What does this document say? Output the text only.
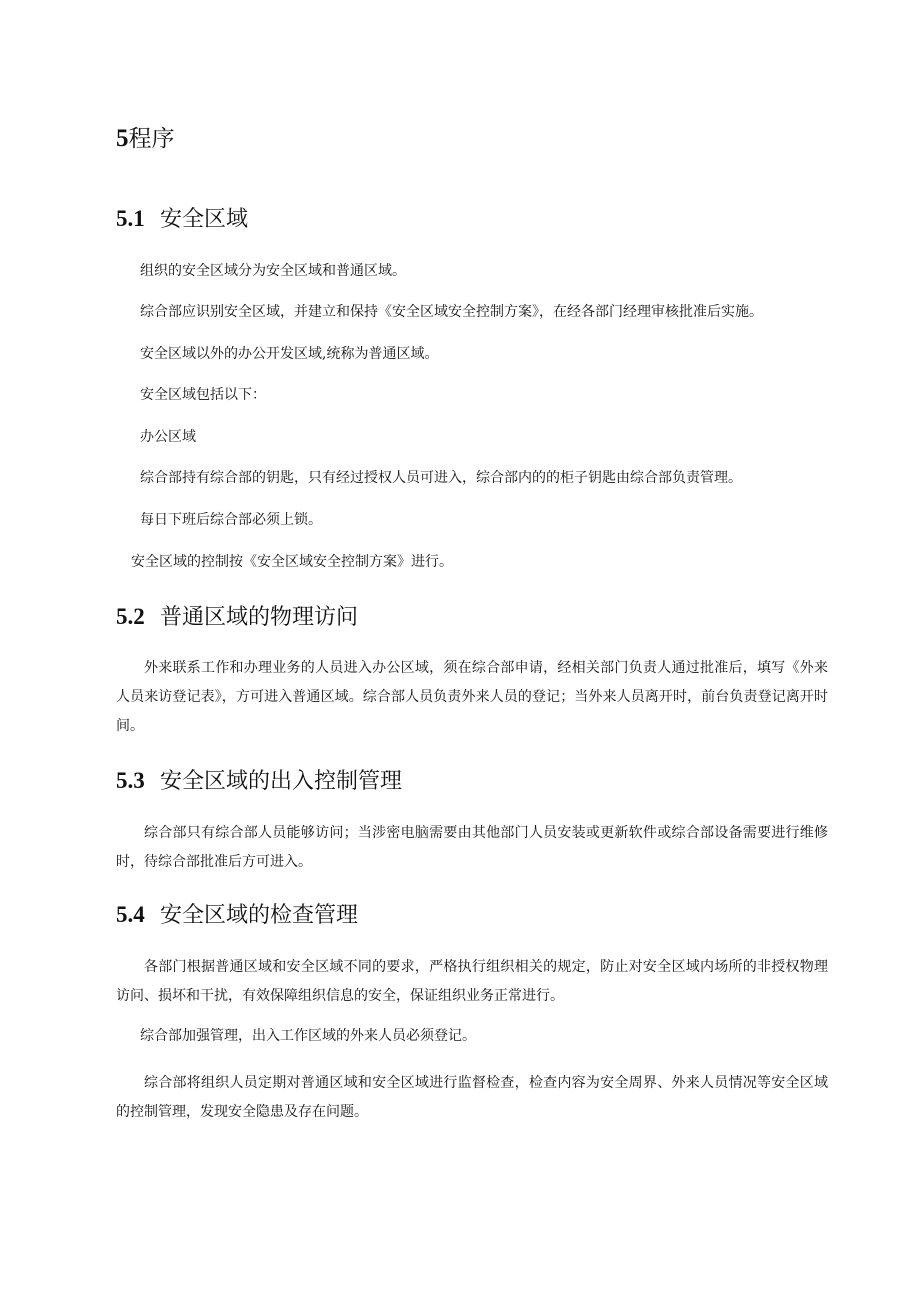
5程序
5.1 安全区域
组织的安全区域分为安全区域和普通区域。
综合部应识别安全区域，并建立和保持《安全区域安全控制方案》，在经各部门经理审核批准后实施。
安全区域以外的办公开发区域,统称为普通区域。
安全区域包括以下：
办公区域
综合部持有综合部的钥匙，只有经过授权人员可进入，综合部内的的柜子钥匙由综合部负责管理。
每日下班后综合部必须上锁。
安全区域的控制按《安全区域安全控制方案》进行。
5.2 普通区域的物理访问
外来联系工作和办理业务的人员进入办公区域，须在综合部申请，经相关部门负责人通过批准后，填写《外来人员来访登记表》，方可进入普通区域。综合部人员负责外来人员的登记；当外来人员离开时，前台负责登记离开时间。
5.3 安全区域的出入控制管理
综合部只有综合部人员能够访问；当涉密电脑需要由其他部门人员安装或更新软件或综合部设备需要进行维修时，待综合部批准后方可进入。
5.4 安全区域的检查管理
各部门根据普通区域和安全区域不同的要求，严格执行组织相关的规定，防止对安全区域内场所的非授权物理访问、损坏和干扰，有效保障组织信息的安全，保证组织业务正常进行。
综合部加强管理，出入工作区域的外来人员必须登记。
综合部将组织人员定期对普通区域和安全区域进行监督检查，检查内容为安全周界、外来人员情况等安全区域的控制管理，发现安全隐患及存在问题。
